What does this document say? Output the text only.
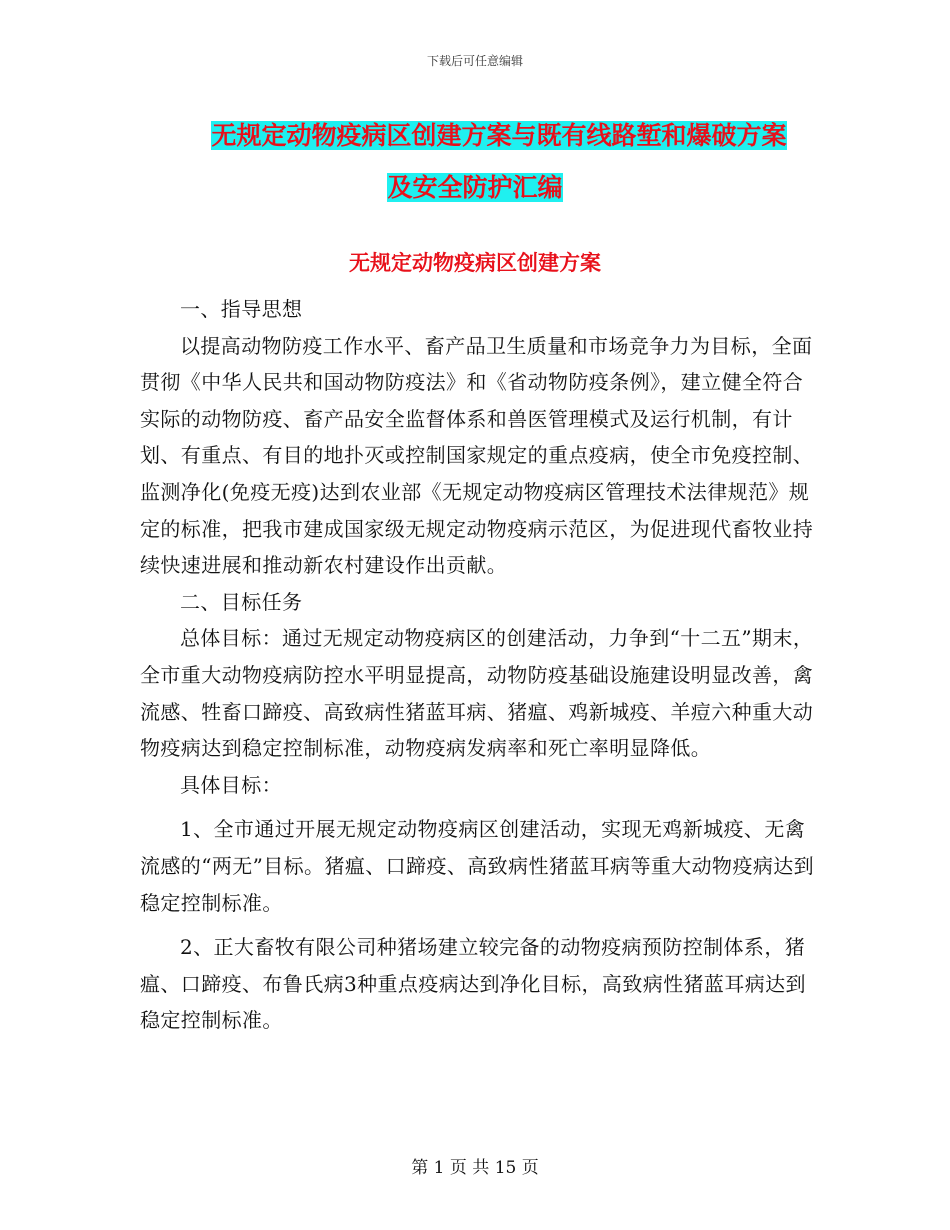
下载后可任意编辑
无规定动物疫病区创建方案与既有线路堑和爆破方案
及安全防护汇编
无规定动物疫病区创建方案

一、指导思想

以提高动物防疫工作水平、畜产品卫生质量和市场竞争力为目标，全面贯彻《中华人民共和国动物防疫法》和《省动物防疫条例》，建立健全符合实际的动物防疫、畜产品安全监督体系和兽医管理模式及运行机制，有计划、有重点、有目的地扑灭或控制国家规定的重点疫病，使全市免疫控制、监测净化(免疫无疫)达到农业部《无规定动物疫病区管理技术法律规范》规定的标准，把我市建成国家级无规定动物疫病示范区，为促进现代畜牧业持续快速进展和推动新农村建设作出贡献。

二、目标任务

总体目标：通过无规定动物疫病区的创建活动，力争到“十二五”期末，全市重大动物疫病防控水平明显提高，动物防疫基础设施建设明显改善，禽流感、牲畜口蹄疫、高致病性猪蓝耳病、猪瘟、鸡新城疫、羊痘六种重大动物疫病达到稳定控制标准，动物疫病发病率和死亡率明显降低。

具体目标：

1、全市通过开展无规定动物疫病区创建活动，实现无鸡新城疫、无禽流感的“两无”目标。猪瘟、口蹄疫、高致病性猪蓝耳病等重大动物疫病达到稳定控制标准。

2、正大畜牧有限公司种猪场建立较完备的动物疫病预防控制体系，猪瘟、口蹄疫、布鲁氏病3种重点疫病达到净化目标，高致病性猪蓝耳病达到稳定控制标准。

第 1 页 共 15 页
